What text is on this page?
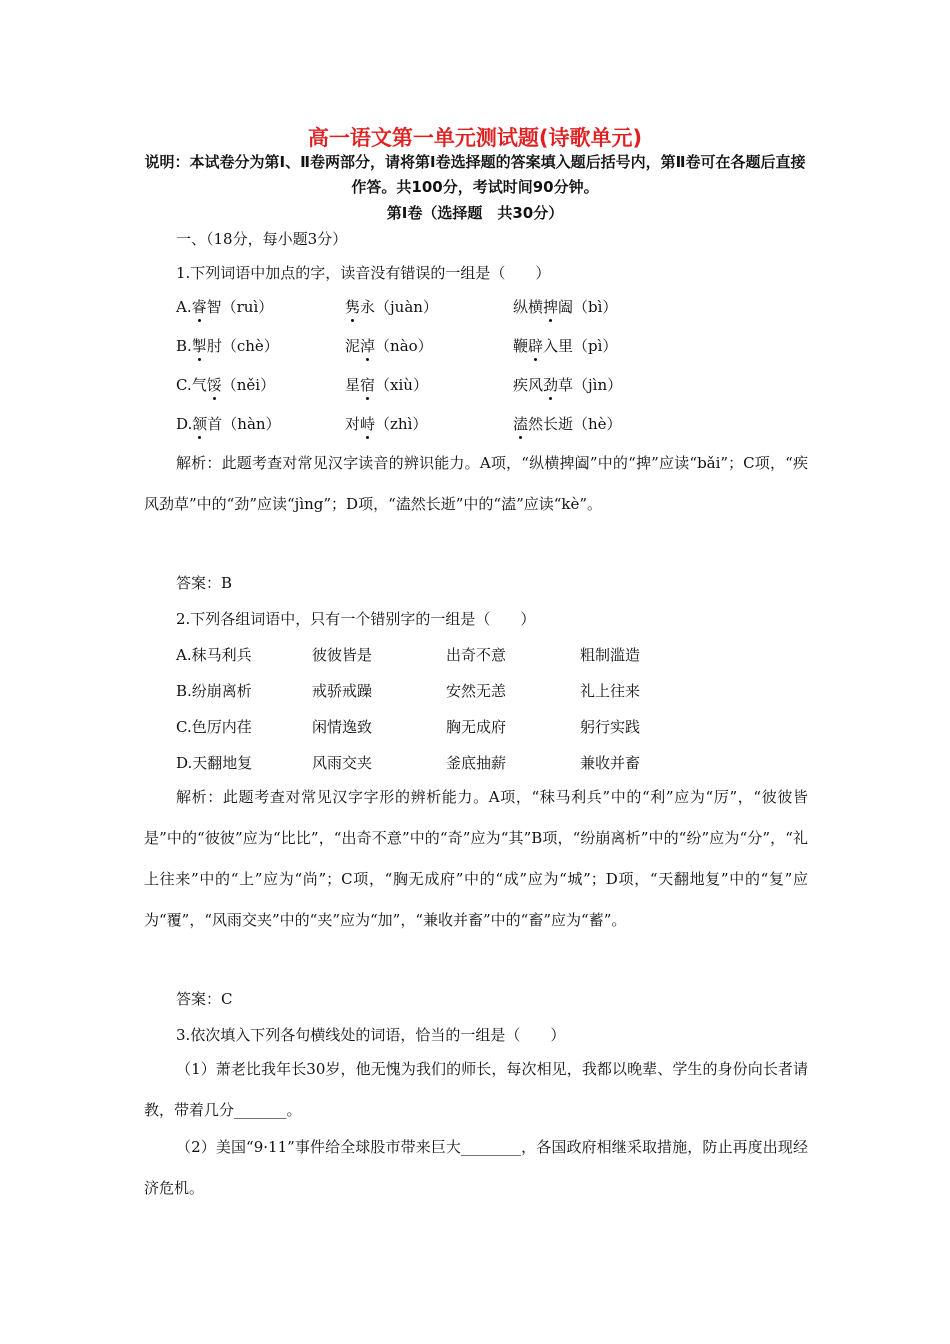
高一语文第一单元测试题(诗歌单元)
说明：本试卷分为第Ⅰ、Ⅱ卷两部分，请将第Ⅰ卷选择题的答案填入题后括号内，第Ⅱ卷可在各题后直接作答。共100分，考试时间90分钟。
第Ⅰ卷（选择题　共30分）
一、（18分，每小题3分）
1.下列词语中加点的字，读音没有错误的一组是（　　）
A.睿智（ruì）	隽永（juàn）	纵横捭阖（bì）
B.掣肘（chè）	泥淖（nào）	鞭辟入里（pì）
C.气馁（něi）	星宿（xiù）	疾风劲草（jìn）
D.颔首（hàn）	对峙（zhì）	溘然长逝（hè）
解析：此题考查对常见汉字读音的辨识能力。A项，“纵横捭阖”中的“捭”应读“bǎi”；C项，“疾风劲草”中的“劲”应读“jìng”；D项，“溘然长逝”中的“溘”应读“kè”。
答案：B
2.下列各组词语中，只有一个错别字的一组是（　　）
A.秣马利兵	彼彼皆是	出奇不意	粗制滥造
B.纷崩离析	戒骄戒躁	安然无恙	礼上往来
C.色厉内荏	闲情逸致	胸无成府	躬行实践
D.天翻地复	风雨交夹	釜底抽薪	兼收并畜
解析：此题考查对常见汉字字形的辨析能力。A项，“秣马利兵”中的“利”应为“厉”，“彼彼皆是”中的“彼彼”应为“比比”，“出奇不意”中的“奇”应为“其”B项，“纷崩离析”中的“纷”应为“分”，“礼上往来”中的“上”应为“尚”；C项，“胸无成府”中的“成”应为“城”；D项，“天翻地复”中的“复”应为“覆”，“风雨交夹”中的“夹”应为“加”，“兼收并畜”中的“畜”应为“蓄”。
答案：C
3.依次填入下列各句横线处的词语，恰当的一组是（　　）
（1）萧老比我年长30岁，他无愧为我们的师长，每次相见，我都以晚辈、学生的身份向长者请教，带着几分_______。
（2）美国“9·11”事件给全球股市带来巨大________，各国政府相继采取措施，防止再度出现经济危机。
